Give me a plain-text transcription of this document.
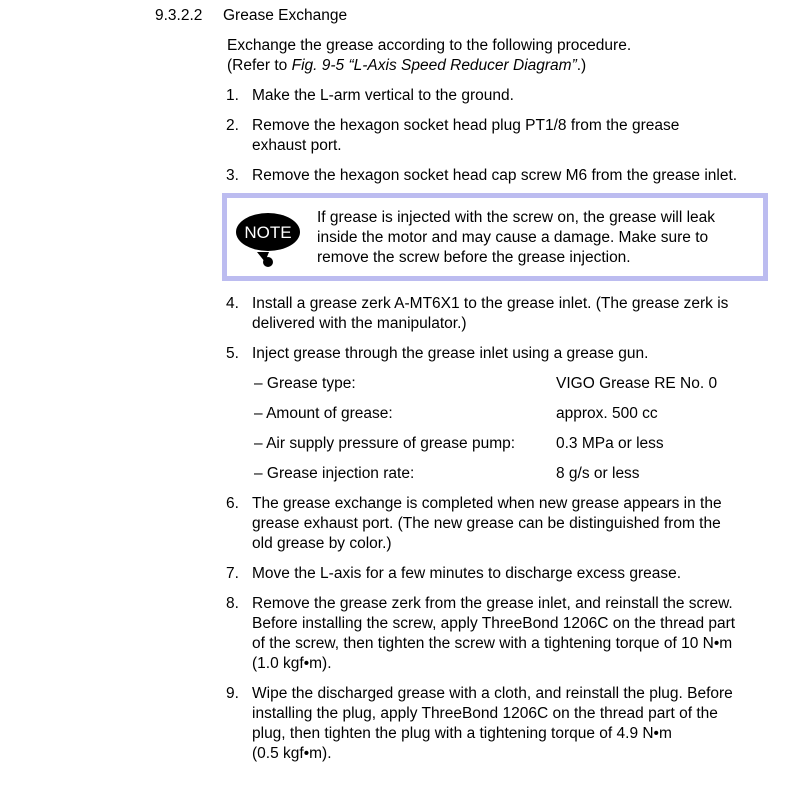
9.3.2.2 Grease Exchange
Exchange the grease according to the following procedure.
(Refer to Fig. 9-5 “L-Axis Speed Reducer Diagram”.)
1. Make the L-arm vertical to the ground.
2. Remove the hexagon socket head plug PT1/8 from the grease
exhaust port.
3. Remove the hexagon socket head cap screw M6 from the grease inlet.
NOTE
If grease is injected with the screw on, the grease will leak
inside the motor and may cause a damage. Make sure to
remove the screw before the grease injection.
4. Install a grease zerk A-MT6X1 to the grease inlet. (The grease zerk is
delivered with the manipulator.)
5. Inject grease through the grease inlet using a grease gun.
– Grease type:	VIGO Grease RE No. 0
– Amount of grease:	approx. 500 cc
– Air supply pressure of grease pump:	0.3 MPa or less
– Grease injection rate:	8 g/s or less
6. The grease exchange is completed when new grease appears in the
grease exhaust port. (The new grease can be distinguished from the
old grease by color.)
7. Move the L-axis for a few minutes to discharge excess grease.
8. Remove the grease zerk from the grease inlet, and reinstall the screw.
Before installing the screw, apply ThreeBond 1206C on the thread part
of the screw, then tighten the screw with a tightening torque of 10 N•m
(1.0 kgf•m).
9. Wipe the discharged grease with a cloth, and reinstall the plug. Before
installing the plug, apply ThreeBond 1206C on the thread part of the
plug, then tighten the plug with a tightening torque of 4.9 N•m
(0.5 kgf•m).
